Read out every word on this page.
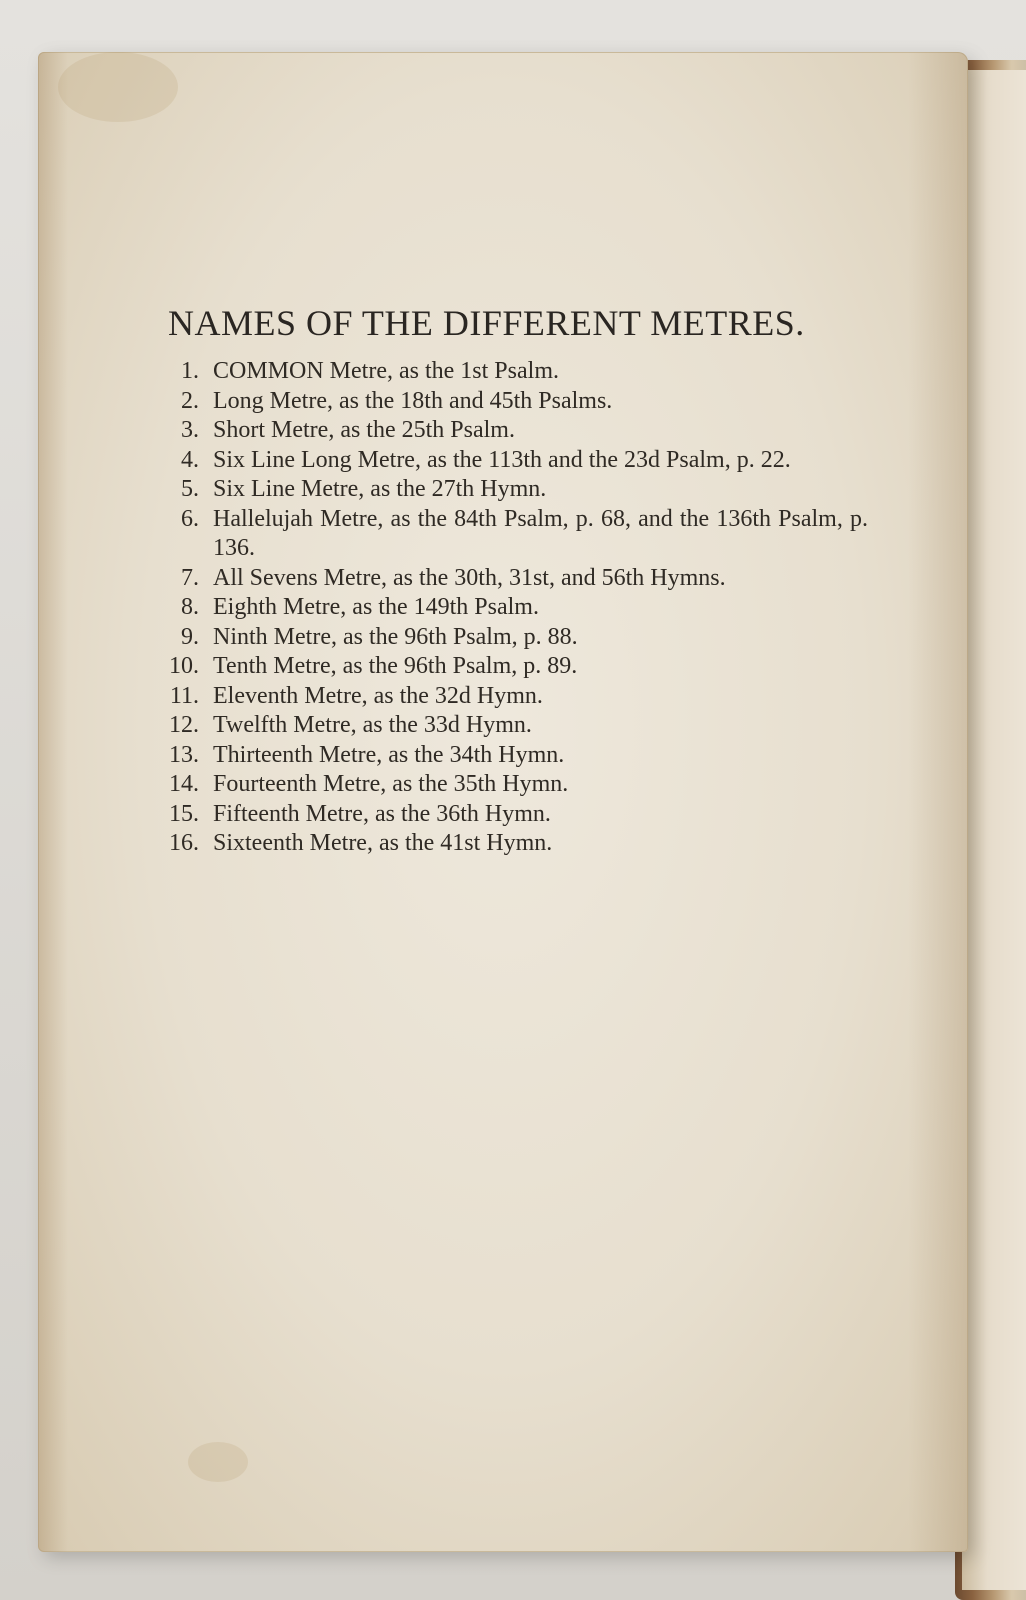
NAMES OF THE DIFFERENT METRES.
1. COMMON Metre, as the 1st Psalm.
2. Long Metre, as the 18th and 45th Psalms.
3. Short Metre, as the 25th Psalm.
4. Six Line Long Metre, as the 113th and the 23d Psalm, p. 22.
5. Six Line Metre, as the 27th Hymn.
6. Hallelujah Metre, as the 84th Psalm, p. 68, and the 136th Psalm, p. 136.
7. All Sevens Metre, as the 30th, 31st, and 56th Hymns.
8. Eighth Metre, as the 149th Psalm.
9. Ninth Metre, as the 96th Psalm, p. 88.
10. Tenth Metre, as the 96th Psalm, p. 89.
11. Eleventh Metre, as the 32d Hymn.
12. Twelfth Metre, as the 33d Hymn.
13. Thirteenth Metre, as the 34th Hymn.
14. Fourteenth Metre, as the 35th Hymn.
15. Fifteenth Metre, as the 36th Hymn.
16. Sixteenth Metre, as the 41st Hymn.
